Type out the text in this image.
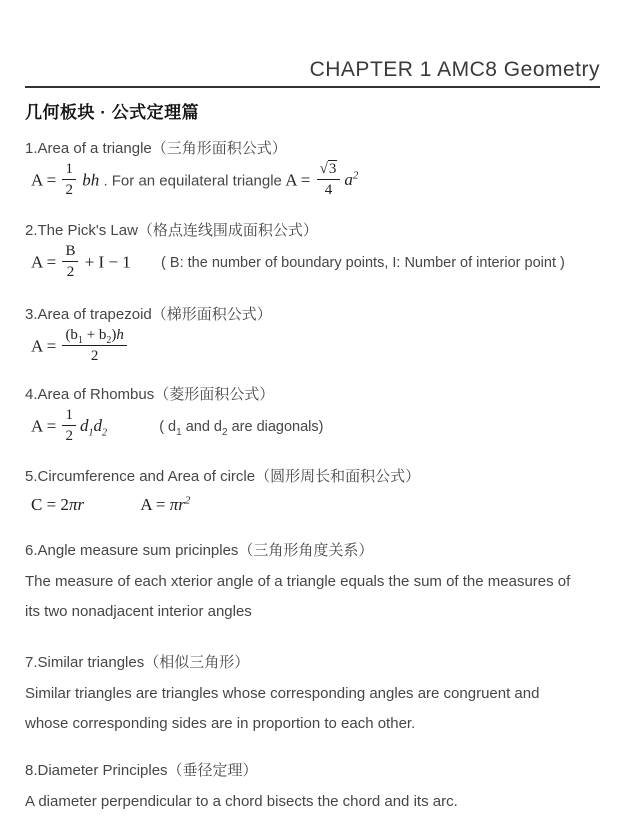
CHAPTER 1 AMC8 Geometry
几何板块 · 公式定理篇
1.Area of a triangle（三角形面积公式）
$A = \frac{1}{2}$ bh . For an equilateral triangle $A = \frac{√3}{4} a^2$
2.The Pick's Law（格点连线围成面积公式）
$A = \frac{B}{2} + I - 1$ ( B: the number of boundary points, I: Number of interior point )
3.Area of trapezoid（梯形面积公式）
$A = \frac{(b_1 + b_2)h}{2}$
4.Area of Rhombus（菱形面积公式）
$A = \frac{1}{2} d_1d_2$	( $d_1$ and $d_2$ are diagonals)
5.Circumference and Area of circle（圆形周长和面积公式）
C = 2πr	$A = \pi r^2$
6.Angle measure sum pricinples（三角形角度关系）

The measure of each xterior angle of a triangle equals the sum of the measures of its two nonadjacent interior angles

7.Similar triangles（相似三角形）

Similar triangles are triangles whose corresponding angles are congruent and whose corresponding sides are in proportion to each other.

8.Diameter Principles（垂径定理）

A diameter perpendicular to a chord bisects the chord and its arc.
